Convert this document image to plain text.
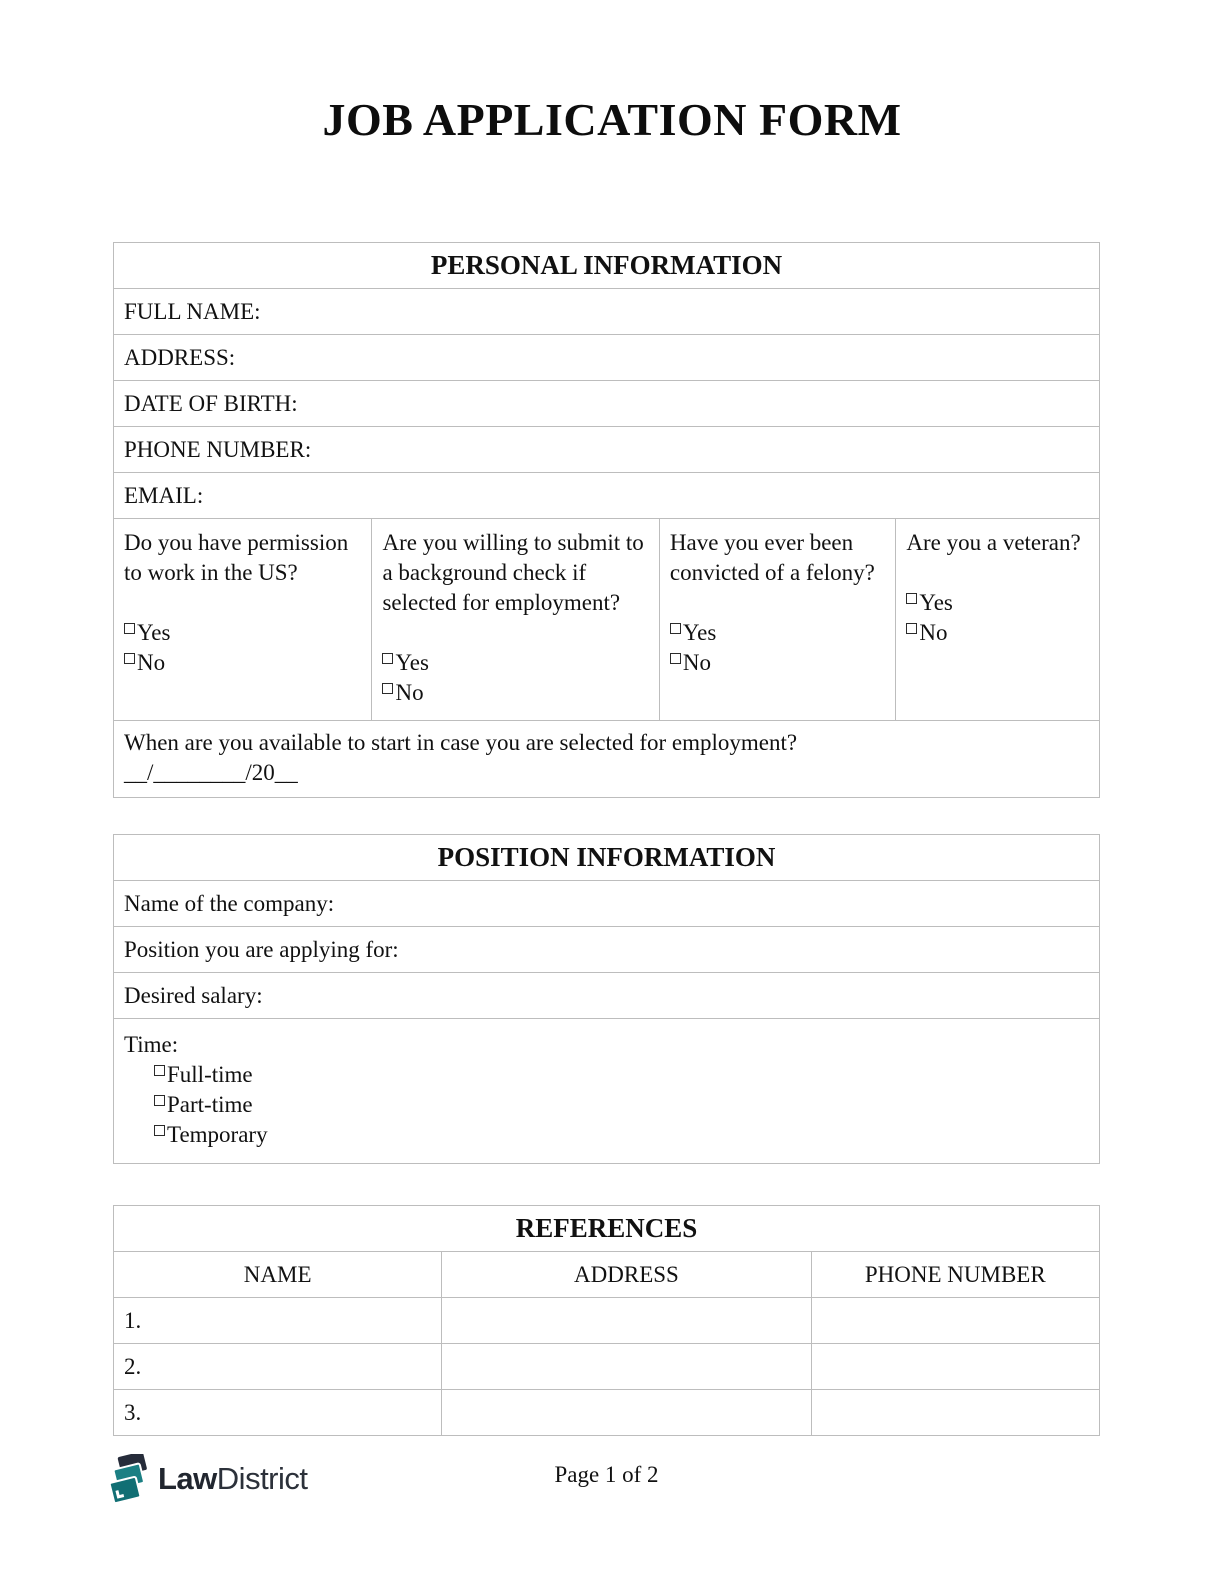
JOB APPLICATION FORM
PERSONAL INFORMATION
FULL NAME:
ADDRESS:
DATE OF BIRTH:
PHONE NUMBER:
EMAIL:

Do you have permission to work in the US?

Yes
No

Are you willing to submit to a background check if selected for employment?

Yes
No

Have you ever been convicted of a felony?

Yes
No

Are you a veteran?

Yes
No
When are you available to start in case you are selected for employment?
__/________/20__
POSITION INFORMATION
Name of the company:
Position you are applying for:
Desired salary:
Time:
Full-time
Part-time
Temporary
REFERENCES
NAME	ADDRESS	PHONE NUMBER
1.
2.
3.
LawDistrict	Page 1 of 2
